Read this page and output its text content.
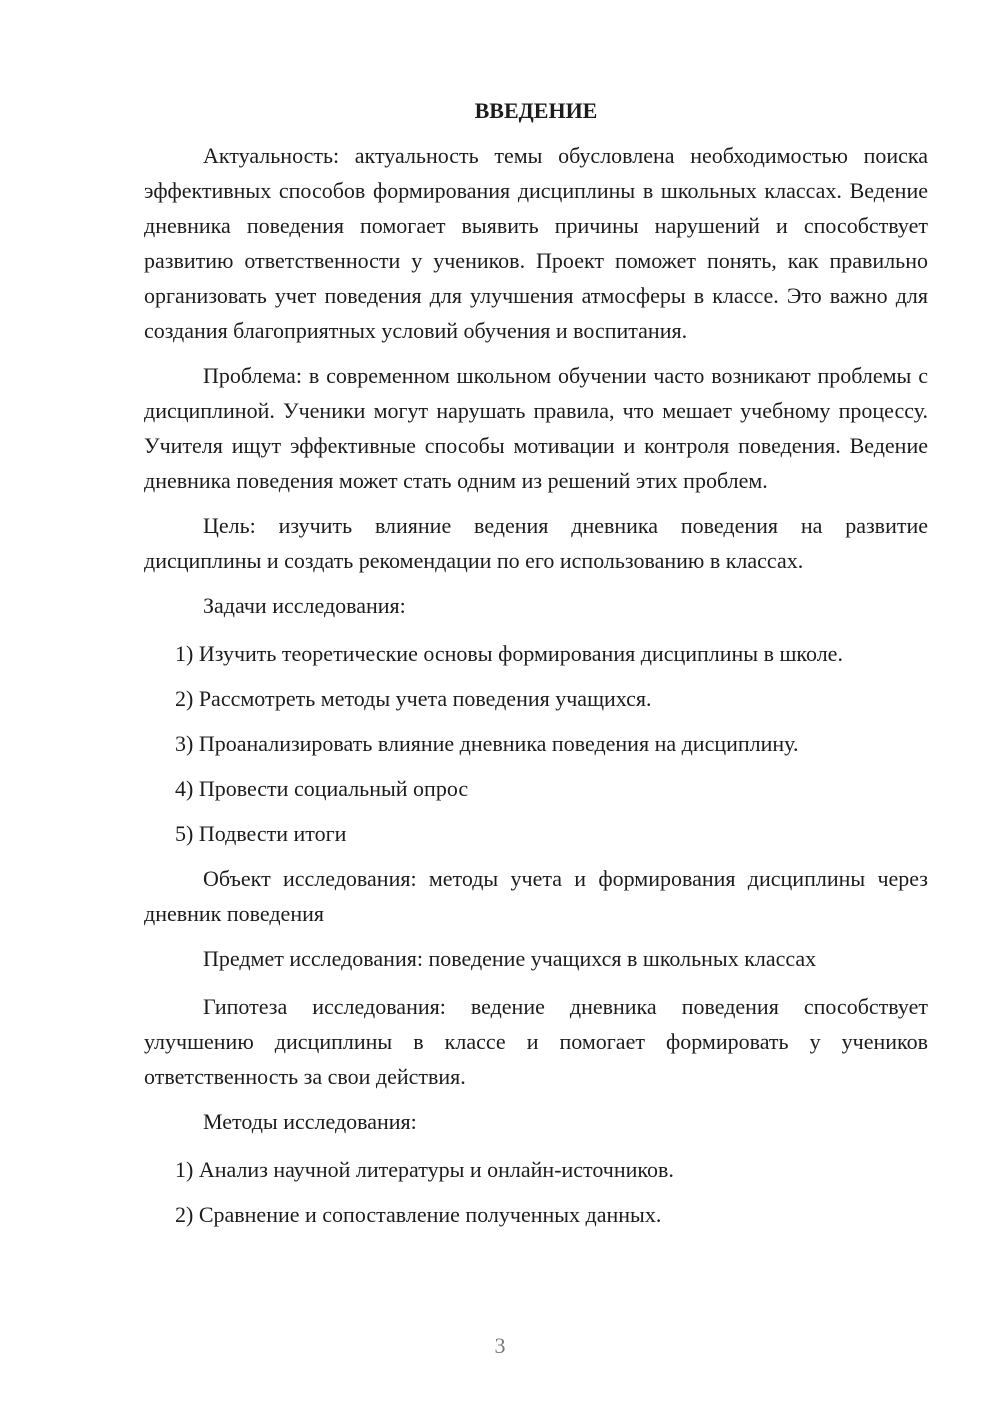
ВВЕДЕНИЕ

Актуальность: актуальность темы обусловлена необходимостью поиска эффективных способов формирования дисциплины в школьных классах. Ведение дневника поведения помогает выявить причины нарушений и способствует развитию ответственности у учеников. Проект поможет понять, как правильно организовать учет поведения для улучшения атмосферы в классе. Это важно для создания благоприятных условий обучения и воспитания.

Проблема: в современном школьном обучении часто возникают проблемы с дисциплиной. Ученики могут нарушать правила, что мешает учебному процессу. Учителя ищут эффективные способы мотивации и контроля поведения. Ведение дневника поведения может стать одним из решений этих проблем.

Цель: изучить влияние ведения дневника поведения на развитие дисциплины и создать рекомендации по его использованию в классах.

Задачи исследования:

1) Изучить теоретические основы формирования дисциплины в школе.
2) Рассмотреть методы учета поведения учащихся.
3) Проанализировать влияние дневника поведения на дисциплину.
4) Провести социальный опрос
5) Подвести итоги

Объект исследования: методы учета и формирования дисциплины через дневник поведения

Предмет исследования: поведение учащихся в школьных классах

Гипотеза исследования: ведение дневника поведения способствует улучшению дисциплины в классе и помогает формировать у учеников ответственность за свои действия.

Методы исследования:

1) Анализ научной литературы и онлайн-источников.
2) Сравнение и сопоставление полученных данных.
3
